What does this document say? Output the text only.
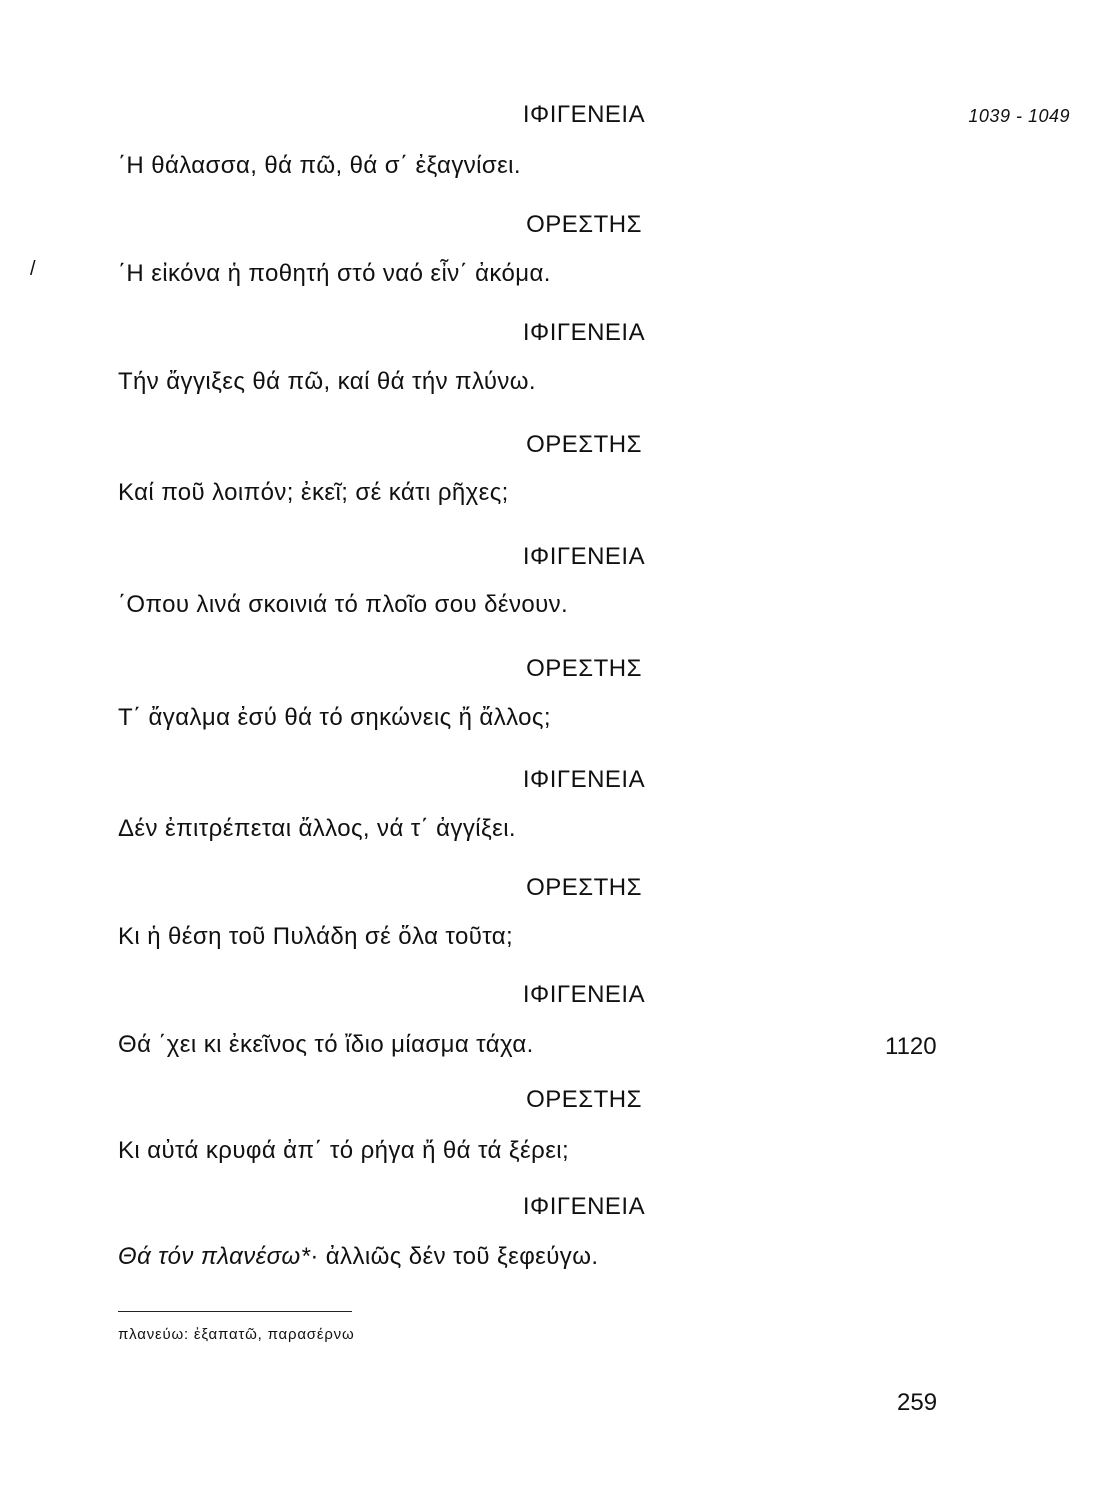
1039 - 1049
/
ΙΦΙΓΕΝΕΙΑ
΄Η θάλασσα, θά πῶ, θά σ΄ ἐξαγνίσει.
ΟΡΕΣΤΗΣ
΄Η εἰκόνα ἡ ποθητή στό ναό εἶν΄ ἀκόμα.
ΙΦΙΓΕΝΕΙΑ
Τήν ἄγγιξες θά πῶ, καί θά τήν πλύνω.
ΟΡΕΣΤΗΣ
Καί ποῦ λοιπόν; ἐκεῖ; σέ κάτι ρῆχες;
ΙΦΙΓΕΝΕΙΑ
΄Οπου λινά σκοινιά τό πλοῖο σου δένουν.
ΟΡΕΣΤΗΣ
Τ΄ ἄγαλμα ἐσύ θά τό σηκώνεις ἤ ἄλλος;
ΙΦΙΓΕΝΕΙΑ
Δέν ἐπιτρέπεται ἄλλος, νά τ΄ ἀγγίξει.
ΟΡΕΣΤΗΣ
Κι ἡ θέση τοῦ Πυλάδη σέ ὅλα τοῦτα;
ΙΦΙΓΕΝΕΙΑ
Θά ΄χει κι ἐκεῖνος τό ἴδιο μίασμα τάχα.	1120
ΟΡΕΣΤΗΣ
Κι αὐτά κρυφά ἀπ΄ τό ρήγα ἤ θά τά ξέρει;
ΙΦΙΓΕΝΕΙΑ
Θά τόν πλανέσω*· ἀλλιῶς δέν τοῦ ξεφεύγω.
πλανεύω: ἐξαπατῶ, παρασέρνω
259
